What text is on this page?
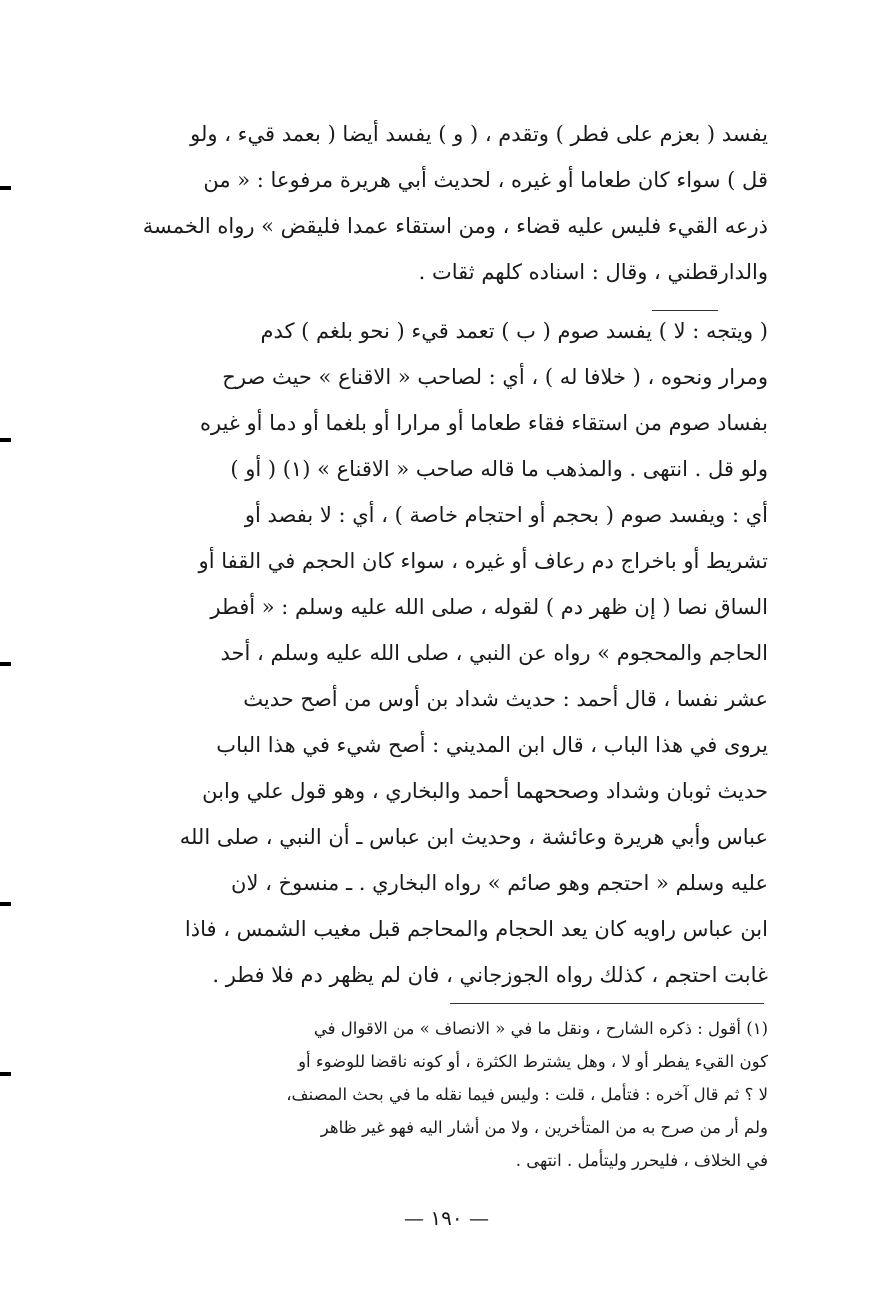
يفسد ( بعزم على فطر ) وتقدم ، ( و ) يفسد أيضا ( بعمد قيء ، ولو
قل ) سواء كان طعاما أو غيره ، لحديث أبي هريرة مرفوعا : « من
ذرعه القيء فليس عليه قضاء ، ومن استقاء عمدا فليقض » رواه الخمسة
والدارقطني ، وقال : اسناده كلهم ثقات .
( ويتجه : لا ) يفسد صوم ( ب ) تعمد قيء ( نحو بلغم ) كدم
ومرار ونحوه ، ( خلافا له ) ، أي : لصاحب « الاقناع » حيث صرح
بفساد صوم من استقاء فقاء طعاما أو مرارا أو بلغما أو دما أو غيره
ولو قل . انتهى . والمذهب ما قاله صاحب « الاقناع » (١) ( أو )
أي : ويفسد صوم ( بحجم أو احتجام خاصة ) ، أي : لا بفصد أو
تشريط أو باخراج دم رعاف أو غيره ، سواء كان الحجم في القفا أو
الساق نصا ( إن ظهر دم ) لقوله ، صلى الله عليه وسلم : « أفطر
الحاجم والمحجوم » رواه عن النبي ، صلى الله عليه وسلم ، أحد
عشر نفسا ، قال أحمد : حديث شداد بن أوس من أصح حديث
يروى في هذا الباب ، قال ابن المديني : أصح شيء في هذا الباب
حديث ثوبان وشداد وصححهما أحمد والبخاري ، وهو قول علي وابن
عباس وأبي هريرة وعائشة ، وحديث ابن عباس ـ أن النبي ، صلى الله
عليه وسلم « احتجم وهو صائم » رواه البخاري . ـ منسوخ ، لان
ابن عباس راويه كان يعد الحجام والمحاجم قبل مغيب الشمس ، فاذا
غابت احتجم ، كذلك رواه الجوزجاني ، فان لم يظهر دم فلا فطر .
(١) أقول : ذكره الشارح ، ونقل ما في « الانصاف » من الاقوال في
كون القيء يفطر أو لا ، وهل يشترط الكثرة ، أو كونه ناقضا للوضوء أو
لا ؟ ثم قال آخره : فتأمل ، قلت : وليس فيما نقله ما في بحث المصنف،
ولم أر من صرح به من المتأخرين ، ولا من أشار اليه فهو غير ظاهر
في الخلاف ، فليحرر وليتأمل . انتهى .
— ١٩٠ —
